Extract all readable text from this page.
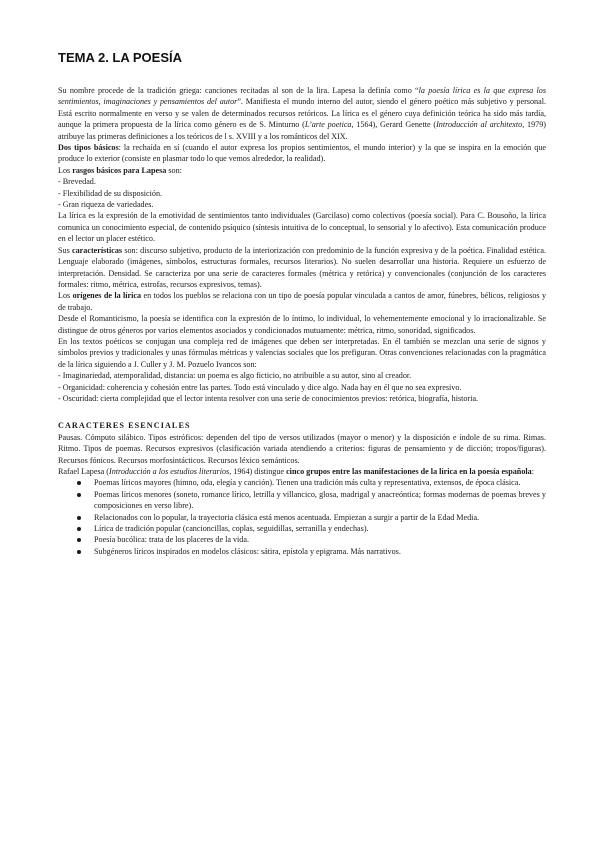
TEMA 2. LA POESÍA

Su nombre procede de la tradición griega: canciones recitadas al son de la lira. Lapesa la definía como “la poesía lírica es la que expresa los sentimientos, imaginaciones y pensamientos del autor”. Manifiesta el mundo interno del autor, siendo el género poético más subjetivo y personal. Está escrito normalmente en verso y se valen de determinados recursos retóricos. La lírica es el género cuya definición teórica ha sido más tardía, aunque la primera propuesta de la lírica como género es de S. Minturno (L’arte poetica, 1564), Gerard Genette (Introducción al architexto, 1979) atribuye las primeras definiciones a los teóricos de l s. XVIII y a los románticos del XIX.

Dos tipos básicos: la rechaída en sí (cuando el autor expresa los propios sentimientos, el mundo interior) y la que se inspira en la emoción que produce lo exterior (consiste en plasmar todo lo que vemos alrededor, la realidad).

Los rasgos básicos para Lapesa son:

- Brevedad.

- Flexibilidad de su disposición.

- Gran riqueza de variedades.

La lírica es la expresión de la emotividad de sentimientos tanto individuales (Garcilaso) como colectivos (poesía social). Para C. Bousoño, la lírica comunica un conocimiento especial, de contenido psíquico (síntesis intuitiva de lo conceptual, lo sensorial y lo afectivo). Esta comunicación produce en el lector un placer estético.

Sus características son: discurso subjetivo, producto de la interiorización con predominio de la función expresiva y de la poética. Finalidad estética. Lenguaje elaborado (imágenes, símbolos, estructuras formales, recursos literarios). No suelen desarrollar una historia. Requiere un esfuerzo de interpretación. Densidad. Se caracteriza por una serie de caracteres formales (métrica y retórica) y convencionales (conjunción de los caracteres formales: ritmo, métrica, estrofas, recursos expresivos, temas).

Los orígenes de la lírica en todos los pueblos se relaciona con un tipo de poesía popular vinculada a cantos de amor, fúnebres, bélicos, religiosos y de trabajo.

Desde el Romanticismo, la poesía se identifica con la expresión de lo íntimo, lo individual, lo vehementemente emocional y lo irracionalizable. Se distingue de otros géneros por varios elementos asociados y condicionados mutuamente: métrica, ritmo, sonoridad, significados.

En los textos poéticos se conjugan una compleja red de imágenes que deben ser interpretadas. En él también se mezclan una serie de signos y símbolos previos y tradicionales y unas fórmulas métricas y valencias sociales que los prefiguran. Otras convenciones relacionadas con la pragmática de la lírica siguiendo a J. Culler y J. M. Pozuelo Ivancos son:

- Imaginariedad, atemporalidad, distancia: un poema es algo ficticio, no atribuible a su autor, sino al creador.

- Organicidad: coherencia y cohesión entre las partes. Todo está vinculado y dice algo. Nada hay en él que no sea expresivo.

- Oscuridad: cierta complejidad que el lector intenta resolver con una serie de conocimientos previos: retórica, biografía, historia.

CARACTERES ESENCIALES

Pausas. Cómputo silábico. Tipos estróficos: dependen del tipo de versos utilizados (mayor o menor) y la disposición e índole de su rima. Rimas. Ritmo. Tipos de poemas. Recursos expresivos (clasificación variada atendiendo a criterios: figuras de pensamiento y de dicción; tropos/figuras). Recursos fónicos. Recursos morfosintácticos. Recursos léxico semánticos.

Rafael Lapesa (Introducción a los estudios literarios, 1964) distingue cinco grupos entre las manifestaciones de la lírica en la poesía española:

Poemas líricos mayores (himno, oda, elegía y canción). Tienen una tradición más culta y representativa, extensos, de época clásica.
Poemas líricos menores (soneto, romance lírico, letrilla y villancico, glosa, madrigal y anacreóntica; formas modernas de poemas breves y composiciones en verso libre).
Relacionados con lo popular, la trayectoria clásica está menos acentuada. Empiezan a surgir a partir de la Edad Media.
Lírica de tradición popular (cancioncillas, coplas, seguidillas, serranilla y endechas).
Poesía bucólica: trata de los placeres de la vida.
Subgéneros líricos inspirados en modelos clásicos: sátira, epístola y epigrama. Más narrativos.
